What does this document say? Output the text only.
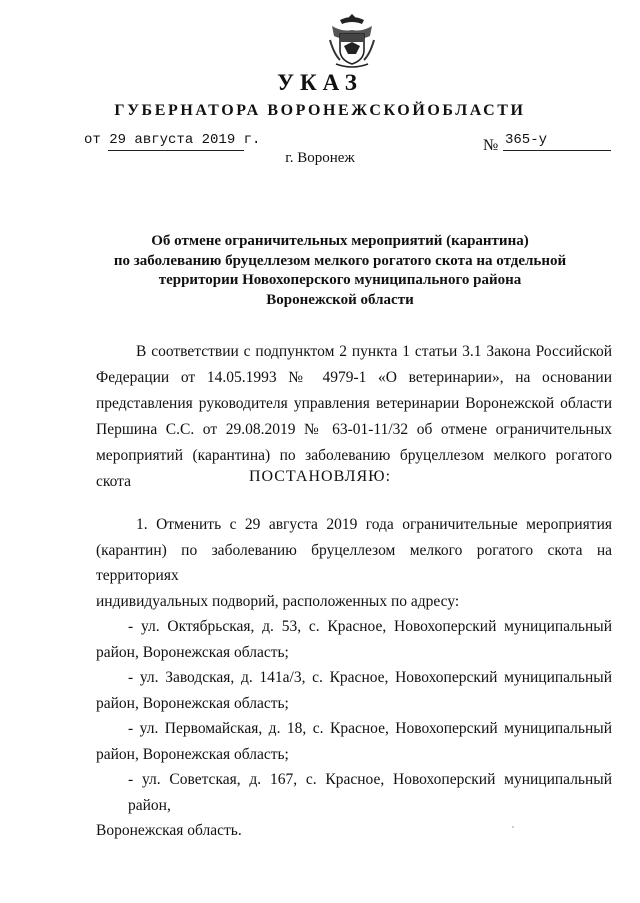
УКАЗ
ГУБЕРНАТОРА ВОРОНЕЖСКОЙОБЛАСТИ
от 29 августа 2019 г.	№ 365-у
г. Воронеж
Об отмене ограничительных мероприятий (карантина)
по заболеванию бруцеллезом мелкого рогатого скота на отдельной
территории Новохоперского муниципального района
Воронежской области
В соответствии с подпунктом 2 пункта 1 статьи 3.1 Закона Российской
Федерации от 14.05.1993 № 4979-1 «О ветеринарии», на основании
представления руководителя управления ветеринарии Воронежской области
Першина С.С. от 29.08.2019 № 63-01-11/32 об отмене ограничительных
мероприятий (карантина) по заболеванию бруцеллезом мелкого рогатого скота	ПОСТАНОВЛЯЮ:
1. Отменить с 29 августа 2019 года ограничительные мероприятия
(карантин) по заболеванию бруцеллезом мелкого рогатого скота на территориях
индивидуальных подворий, расположенных по адресу:
- ул. Октябрьская, д. 53, с. Красное, Новохоперский муниципальный
район, Воронежская область;
- ул. Заводская, д. 141а/3, с. Красное, Новохоперский муниципальный
район, Воронежская область;
- ул. Первомайская, д. 18, с. Красное, Новохоперский муниципальный
район, Воронежская область;
- ул. Советская, д. 167, с. Красное, Новохоперский муниципальный район,
Воронежская область.
